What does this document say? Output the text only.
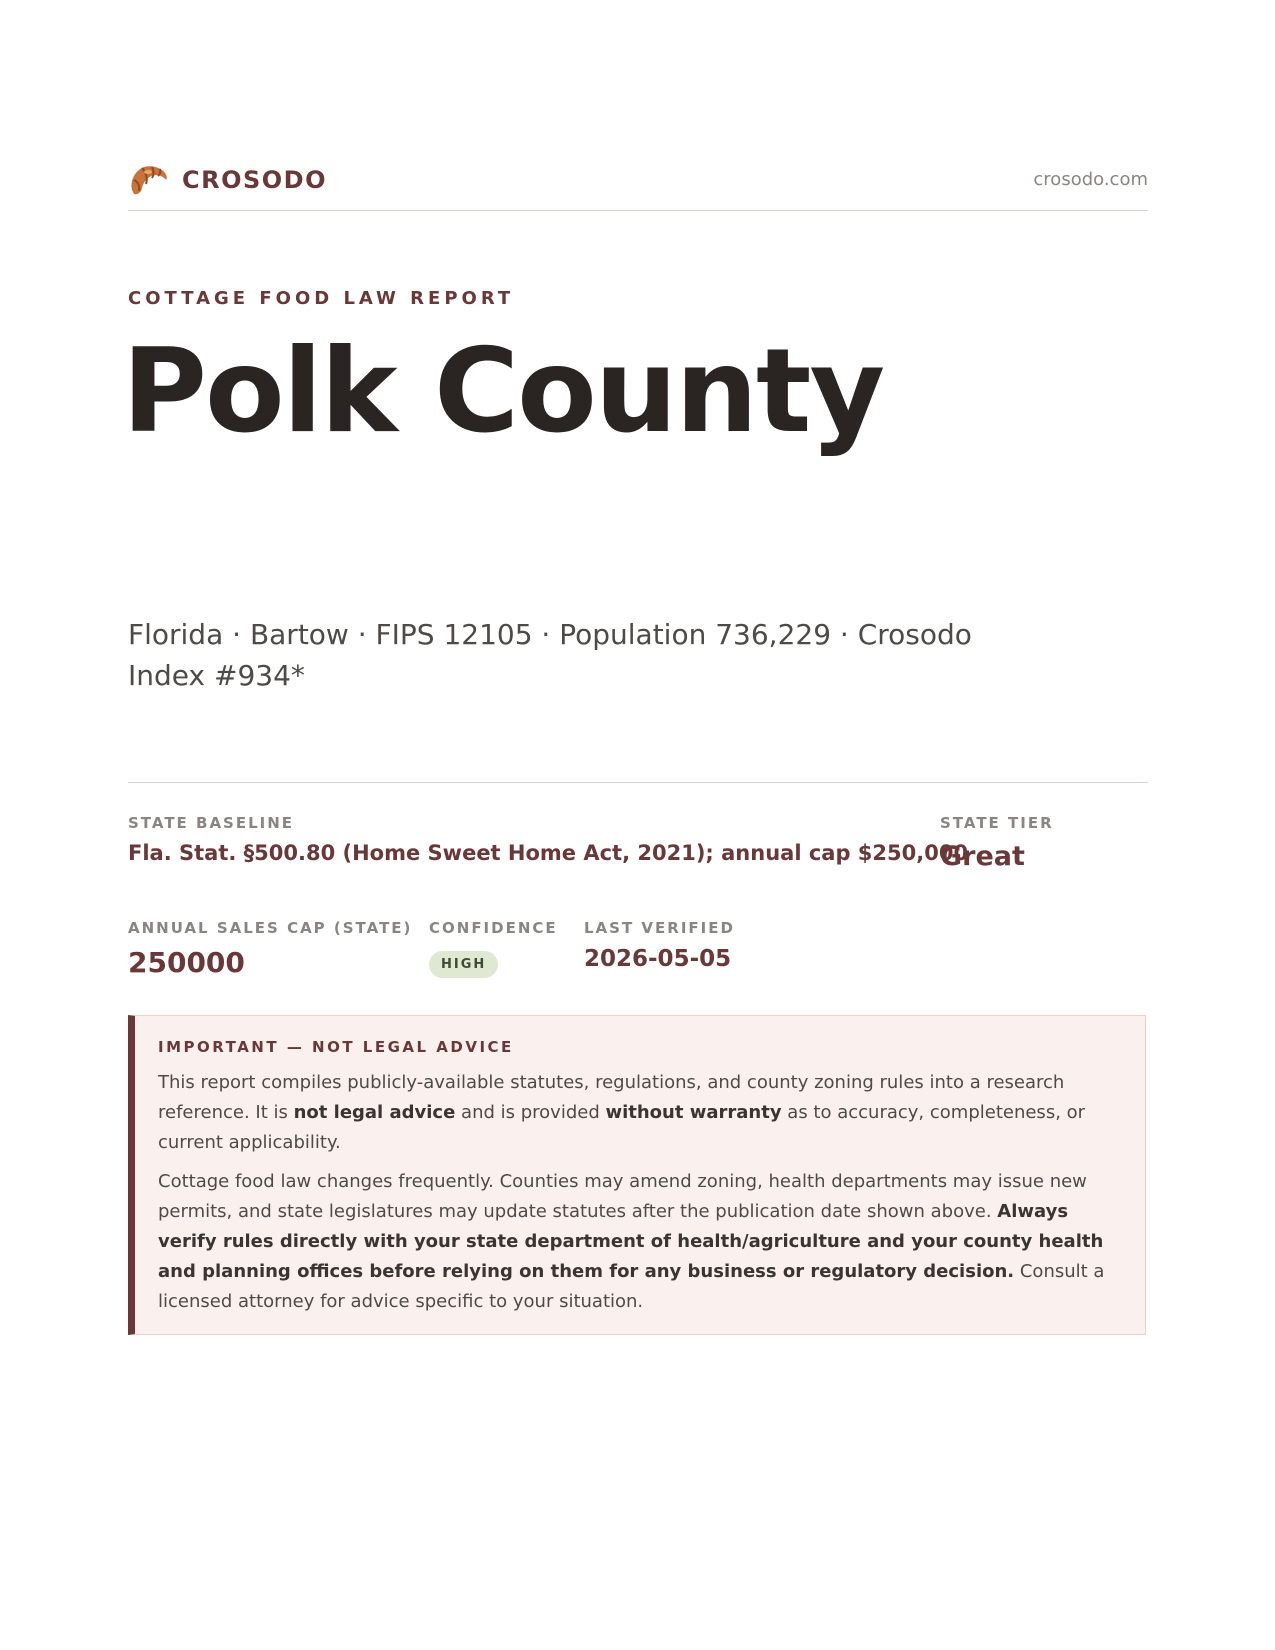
CROSODO	crosodo.com
COTTAGE FOOD LAW REPORT
Polk County
Florida · Bartow · FIPS 12105 · Population 736,229 · Crosodo Index #934*
STATE BASELINE
Fla. Stat. §500.80 (Home Sweet Home Act, 2021); annual cap $250,000
STATE TIER
Great
ANNUAL SALES CAP (STATE)
250000
CONFIDENCE
HIGH
LAST VERIFIED
2026-05-05
IMPORTANT — NOT LEGAL ADVICE

This report compiles publicly-available statutes, regulations, and county zoning rules into a research reference. It is not legal advice and is provided without warranty as to accuracy, completeness, or current applicability.

Cottage food law changes frequently. Counties may amend zoning, health departments may issue new permits, and state legislatures may update statutes after the publication date shown above. Always verify rules directly with your state department of health/agriculture and your county health and planning offices before relying on them for any business or regulatory decision. Consult a licensed attorney for advice specific to your situation.
